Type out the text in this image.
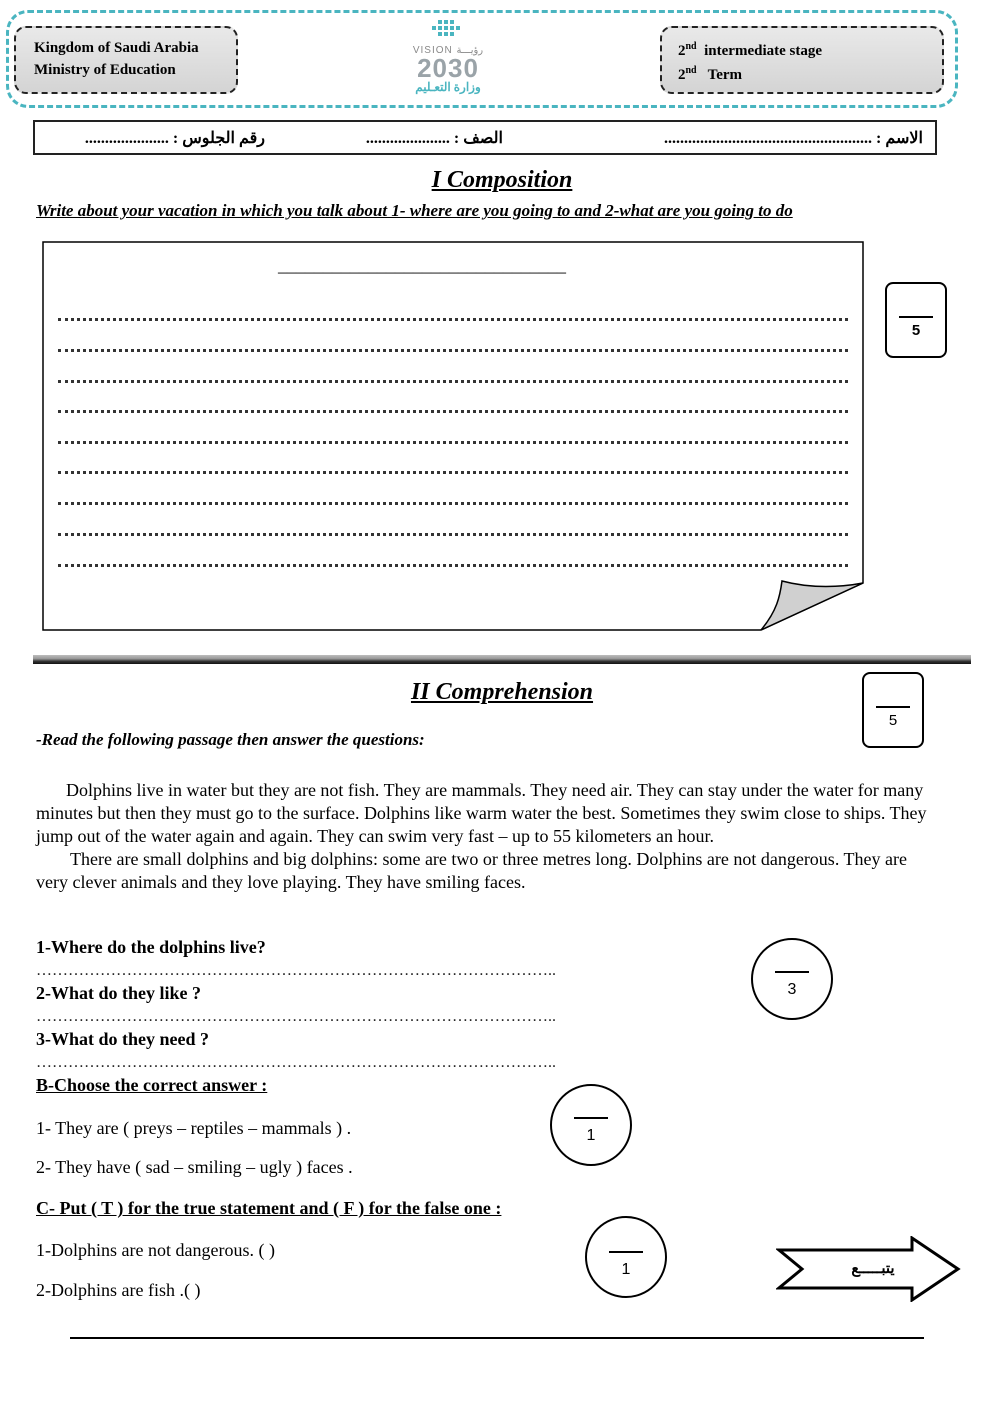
Kingdom of Saudi Arabia
Ministry of Education
VISION رؤيـــة
2030
وزارة التعـليم
2nd intermediate stage
2nd Term
الاسم : ....................................................
الصف : .....................
رقم الجلوس : .....................
I Composition
Write about your vacation in which you talk about 1- where are you going to and 2-what are you going to do
________________________________
5
II Comprehension
5
-Read the following passage then answer the questions:
Dolphins live in water but they are not fish. They are mammals. They need air. They can stay under the water for many minutes but then they must go to the surface. Dolphins like warm water the best. Sometimes they swim close to ships. They jump out of the water again and again. They can swim very fast – up to 55 kilometers an hour.
There are small dolphins and big dolphins: some are two or three metres long. Dolphins are not dangerous. They are very clever animals and they love playing. They have smiling faces.
1-Where do the dolphins live?
……………………………………………………………………………………..
2-What do they like ?
……………………………………………………………………………………..
3-What do they need ?
……………………………………………………………………………………..
3
B-Choose the correct answer :
1- They are ( preys – reptiles – mammals ) .
2- They have ( sad – smiling – ugly ) faces .
1
C- Put ( T ) for the true statement and ( F ) for the false one :
1-Dolphins are not dangerous. ( )
2-Dolphins are fish .( )
1	يتبـــــع
